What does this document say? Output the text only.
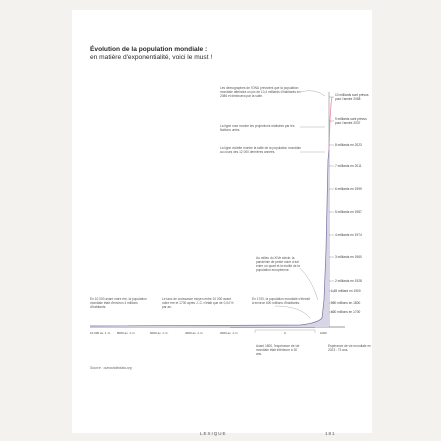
Évolution de la population mondiale :
en matière d'exponentialité, voici le must !
Les démographes de l'ONU prévoient que la population mondiale atteindra un pic de 10,4 milliards d'habitants en 2086 et diminuera par la suite.
La ligne rose montre les projections réalisées par les Nations unies.
La ligne violette montre la taille de la population mondiale au cours des 12 000 dernières années.
Au milieu du XIVe siècle, la pandémie de peste noire a tué entre un quart et la moitié de la population européenne.
En 10 000 avant notre ère, la population mondiale était d'environ 4 millions d'habitants.
Le taux de croissance moyen entre 10 000 avant notre ère et 1700 après J.-C. n'était que de 0,04 % par an.
En 1700, la population mondiale s'élevait à environ 600 millions d'habitants.
10 milliards sont prévus pour l'année 2058
9 milliards sont prévus pour l'année 2037
8 milliards en 2023
7 milliards en 2011
6 milliards en 1999
5 milliards en 1987
4 milliards en 1974
3 milliards en 1960
2 milliards en 1928
1,65 milliard en 1900
990 millions en 1800
600 millions en 1700
10 000 av. J.-C. 8000 av. J.-C.	6000 av. J.-C.	4000 av. J.-C.	2000 av. J.-C.	0	1000
Avant 1800, l'espérance de vie mondiale était inférieure à 30 ans.
Espérance de vie mondiale en 2023 : 73 ans.
Source : ourworldindata.org
LEXIQUE	181
